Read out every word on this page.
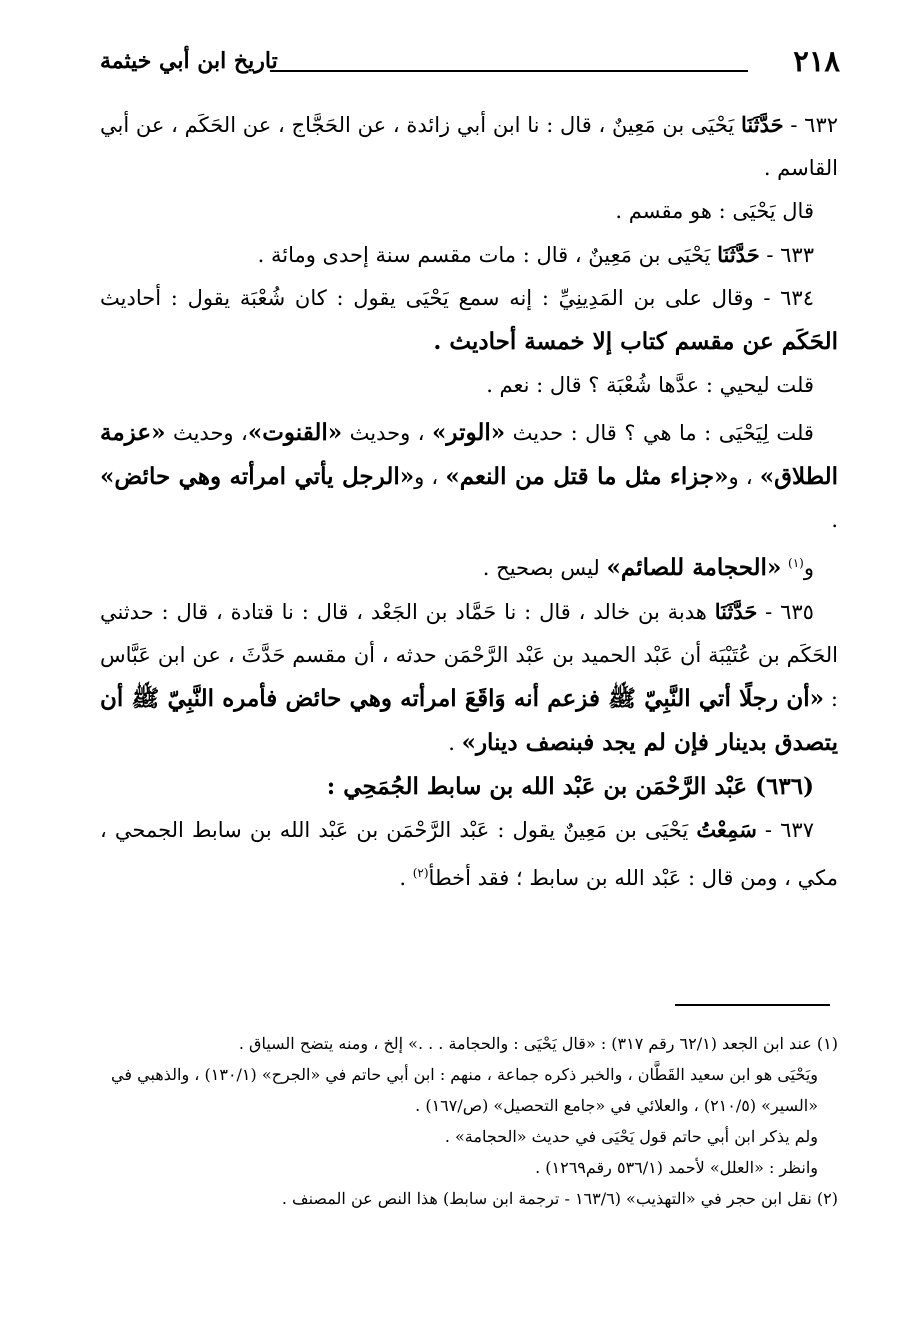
٢١٨
تاريخ ابن أبي خيثمة

٦٣٢ - حَدَّثَنَا يَحْيَى بن مَعِينٌ ، قال : نا ابن أبي زائدة ، عن الحَجَّاج ، عن الحَكَم ، عن أبي القاسم .

قال يَحْيَى : هو مقسم .

٦٣٣ - حَدَّثَنَا يَحْيَى بن مَعِينٌ ، قال : مات مقسم سنة إحدى ومائة .

٦٣٤ - وقال على بن المَدِينِيِّ : إنه سمع يَحْيَى يقول : كان شُعْبَة يقول : أحاديث الحَكَم عن مقسم كتاب إلا خمسة أحاديث .

قلت ليحيي : عدَّها شُعْبَة ؟ قال : نعم .

قلت لِيَحْيَى : ما هي ؟ قال : حديث «الوتر» ، وحديث «القنوت»، وحديث «عزمة الطلاق» ، و«جزاء مثل ما قتل من النعم» ، و«الرجل يأتي امرأته وهي حائض» .

و$^{(١)}$ «الحجامة للصائم» ليس بصحيح .

٦٣٥ - حَدَّثَنَا هدبة بن خالد ، قال : نا حَمَّاد بن الجَعْد ، قال : نا قتادة ، قال : حدثني الحَكَم بن عُتَيْبَة أن عَبْد الحميد بن عَبْد الرَّحْمَن حدثه ، أن مقسم حَدَّثَ ، عن ابن عَبَّاس : «أن رجلًا أتي النَّبِيّ ﷺ فزعم أنه وَاقَعَ امرأته وهي حائض فأمره النَّبِيّ ﷺ أن يتصدق بدينار فإن لم يجد فبنصف دينار» .

(٦٣٦) عَبْد الرَّحْمَن بن عَبْد الله بن سابط الجُمَحِي :

٦٣٧ - سَمِعْتُ يَحْيَى بن مَعِينٌ يقول : عَبْد الرَّحْمَن بن عَبْد الله بن سابط الجمحي ، مكي ، ومن قال : عَبْد الله بن سابط ؛ فقد أخطأ$^{(٢)}$ .

(١) عند ابن الجعد (٦٢/١ رقم ٣١٧) : «قال يَحْيَى : والحجامة . . .» إلخ ، ومنه يتضح السياق .

ويَحْيَى هو ابن سعيد القَطَّان ، والخبر ذكره جماعة ، منهم : ابن أبي حاتم في «الجرح» (١٣٠/١) ، والذهبي في «السير» (٢١٠/٥) ، والعلائي في «جامع التحصيل» (ص/١٦٧) .

ولم يذكر ابن أبي حاتم قول يَحْيَى في حديث «الحجامة» .

وانظر : «العلل» لأحمد (٥٣٦/١ رقم١٢٦٩) .

(٢) نقل ابن حجر في «التهذيب» (١٦٣/٦ - ترجمة ابن سابط) هذا النص عن المصنف .
